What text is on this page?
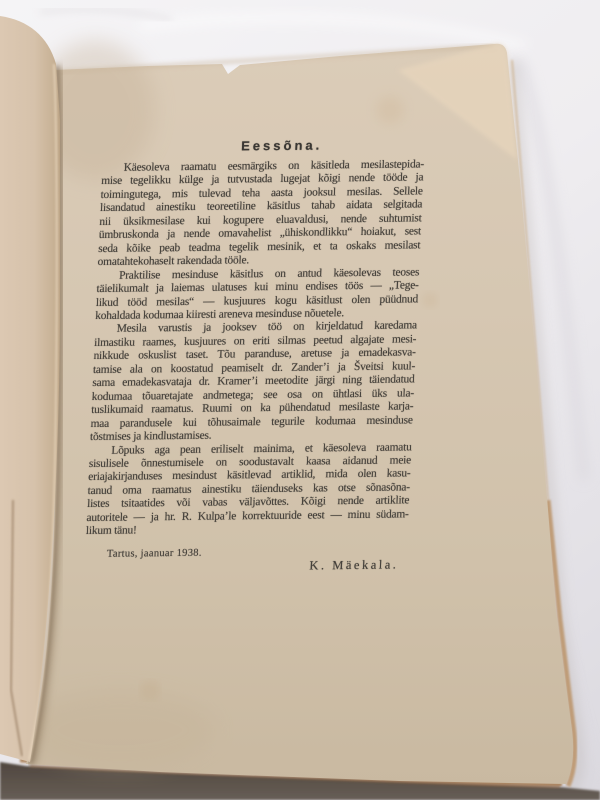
Eessõna.
Käesoleva raamatu eesmärgiks on käsitleda mesilastepida-
mise tegelikku külge ja tutvustada lugejat kõigi nende tööde ja
toimingutega, mis tulevad teha aasta jooksul mesilas. Sellele
lisandatud ainestiku teoreetiline käsitlus tahab aidata selgitada
nii üksikmesilase kui kogupere eluavaldusi, nende suhtumist
ümbruskonda ja nende omavahelist „ühiskondlikku“ hoiakut, sest
seda kõike peab teadma tegelik mesinik, et ta oskaks mesilast
omatahtekohaselt rakendada tööle.
Praktilise mesinduse käsitlus on antud käesolevas teoses
täielikumalt ja laiemas ulatuses kui minu endises töös — „Tege-
likud tööd mesilas“ — kusjuures kogu käsitlust olen püüdnud
kohaldada kodumaa kiiresti areneva mesinduse nõuetele.
Mesila varustis ja jooksev töö on kirjeldatud karedama
ilmastiku raames, kusjuures on eriti silmas peetud algajate mesi-
nikkude oskuslist taset. Tõu paranduse, aretuse ja emadekasva-
tamise ala on koostatud peamiselt dr. Zander’i ja Šveitsi kuul-
sama emadekasvataja dr. Kramer’i meetodite järgi ning täiendatud
kodumaa tõuaretajate andmetega; see osa on ühtlasi üks ula-
tuslikumaid raamatus. Ruumi on ka pühendatud mesilaste karja-
maa parandusele kui tõhusaimale tegurile kodumaa mesinduse
tõstmises ja kindlustamises.
Lõpuks aga pean eriliselt mainima, et käesoleva raamatu
sisulisele õnnestumisele on soodustavalt kaasa aidanud meie
eriajakirjanduses mesindust käsitlevad artiklid, mida olen kasu-
tanud oma raamatus ainestiku täienduseks kas otse sõnasõna-
listes tsitaatides või vabas väljavõttes. Kõigi nende artiklite
autoritele — ja hr. R. Kulpa’le korrektuuride eest — minu südam-
likum tänu!
Tartus, jaanuar 1938.
K. Mäekala.
